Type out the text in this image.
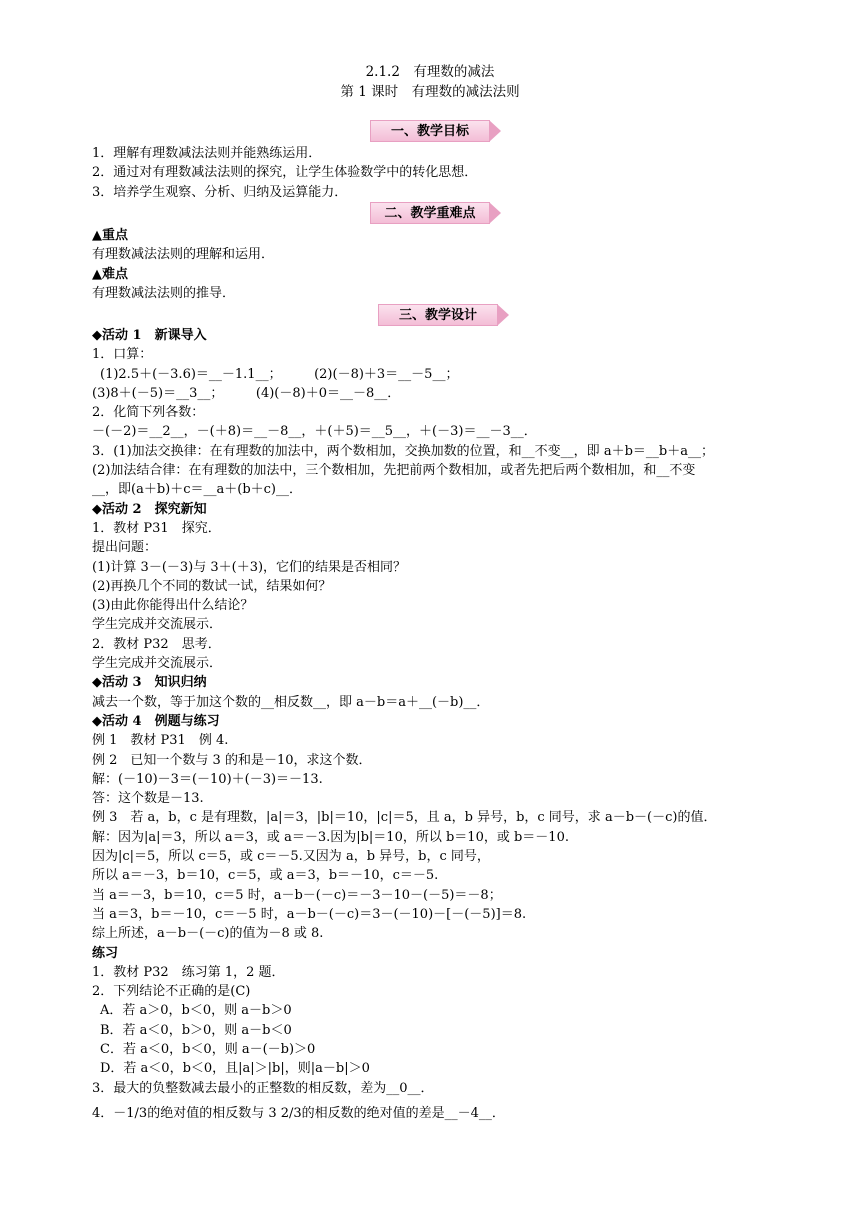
2.1.2　有理数的减法
第 1 课时　有理数的减法法则
一、教学目标
1．理解有理数减法法则并能熟练运用．
2．通过对有理数减法法则的探究，让学生体验数学中的转化思想．
3．培养学生观察、分析、归纳及运算能力．
二、教学重难点
▲重点
有理数减法法则的理解和运用．
▲难点
有理数减法法则的推导．
三、教学设计
◆活动 1　新课导入
1．口算：
(1)2.5＋(－3.6)＝__－1.1__；　　　(2)(－8)＋3＝__－5__；
(3)8＋(－5)＝__3__；　　　(4)(－8)＋0＝__－8__．
2．化简下列各数：
－(－2)＝__2__，－(＋8)＝__－8__，＋(＋5)＝__5__，＋(－3)＝__－3__．
3．(1)加法交换律：在有理数的加法中，两个数相加，交换加数的位置，和__不变__，即 a＋b＝__b＋a__；
(2)加法结合律：在有理数的加法中，三个数相加，先把前两个数相加，或者先把后两个数相加，和__不变
__，即(a＋b)＋c＝__a＋(b＋c)__．
◆活动 2　探究新知
1．教材 P31　探究．
提出问题：
(1)计算 3－(－3)与 3＋(＋3)，它们的结果是否相同？
(2)再换几个不同的数试一试，结果如何？
(3)由此你能得出什么结论？
学生完成并交流展示．
2．教材 P32　思考．
学生完成并交流展示．
◆活动 3　知识归纳
减去一个数，等于加这个数的__相反数__，即 a－b＝a＋__(－b)__．
◆活动 4　例题与练习
例 1　教材 P31　例 4.
例 2　已知一个数与 3 的和是－10，求这个数．
解：(－10)－3＝(－10)＋(－3)＝－13.
答：这个数是－13.
例 3　若 a，b，c 是有理数，|a|＝3，|b|＝10，|c|＝5，且 a，b 异号，b，c 同号，求 a－b－(－c)的值．
解：因为|a|＝3，所以 a＝3，或 a＝－3.因为|b|＝10，所以 b＝10，或 b＝－10.
因为|c|＝5，所以 c＝5，或 c＝－5.又因为 a，b 异号，b，c 同号，
所以 a＝－3，b＝10，c＝5，或 a＝3，b＝－10，c＝－5.
当 a＝－3，b＝10，c＝5 时，a－b－(－c)＝－3－10－(－5)＝－8；
当 a＝3，b＝－10，c＝－5 时，a－b－(－c)＝3－(－10)－[－(－5)]＝8.
综上所述，a－b－(－c)的值为－8 或 8.
练习
1．教材 P32　练习第 1，2 题．
2．下列结论不正确的是(C)
A．若 a＞0，b＜0，则 a－b＞0
B．若 a＜0，b＞0，则 a－b＜0
C．若 a＜0，b＜0，则 a－(－b)＞0
D．若 a＜0，b＜0，且|a|＞|b|，则|a－b|＞0
3．最大的负整数减去最小的正整数的相反数，差为__0__．
4．－1/3的绝对值的相反数与 3 2/3的相反数的绝对值的差是__－4__．
